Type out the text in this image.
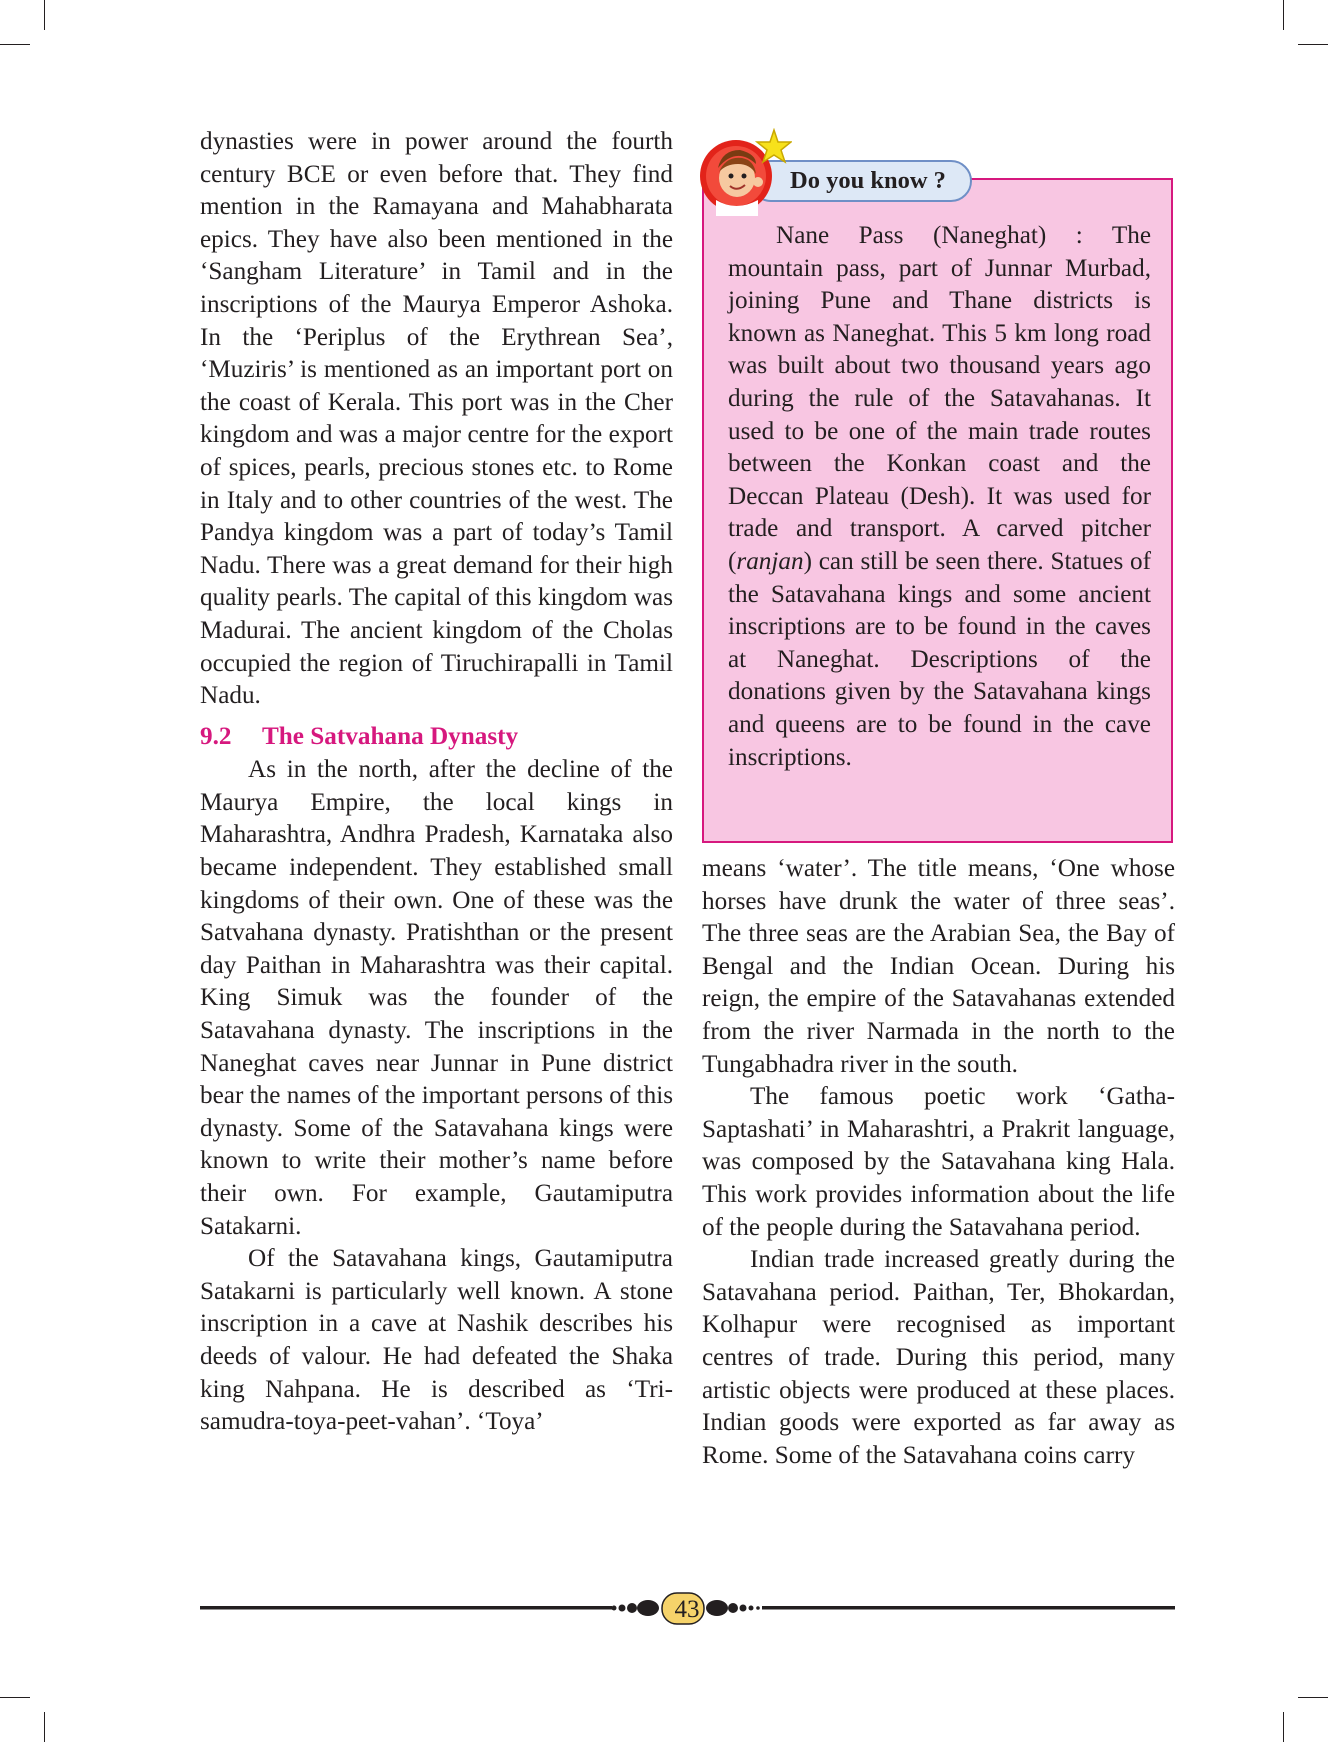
dynasties were in power around the fourth century BCE or even before that. They find mention in the Ramayana and Mahabharata epics. They have also been mentioned in the ‘Sangham Literature’ in Tamil and in the inscriptions of the Maurya Emperor Ashoka. In the ‘Periplus of the Erythrean Sea’, ‘Muziris’ is mentioned as an important port on the coast of Kerala. This port was in the Cher kingdom and was a major centre for the export of spices, pearls, precious stones etc. to Rome in Italy and to other countries of the west. The Pandya kingdom was a part of today’s Tamil Nadu. There was a great demand for their high quality pearls. The capital of this kingdom was Madurai. The ancient kingdom of the Cholas occupied the region of Tiruchirapalli in Tamil Nadu.

9.2 The Satvahana Dynasty

As in the north, after the decline of the Maurya Empire, the local kings in Maharashtra, Andhra Pradesh, Karnataka also became independent. They established small kingdoms of their own. One of these was the Satvahana dynasty. Pratishthan or the present day Paithan in Maharashtra was their capital. King Simuk was the founder of the Satavahana dynasty. The inscriptions in the Naneghat caves near Junnar in Pune district bear the names of the important persons of this dynasty. Some of the Satavahana kings were known to write their mother’s name before their own. For example, Gautamiputra Satakarni.

Of the Satavahana kings, Gautamiputra Satakarni is particularly well known. A stone inscription in a cave at Nashik describes his deeds of valour. He had defeated the Shaka king Nahpana. He is described as ‘Tri-samudra-toya-peet-vahan’. ‘Toya’

Nane Pass (Naneghat) : The mountain pass, part of Junnar Murbad, joining Pune and Thane districts is known as Naneghat. This 5 km long road was built about two thousand years ago during the rule of the Satavahanas. It used to be one of the main trade routes between the Konkan coast and the Deccan Plateau (Desh). It was used for trade and transport. A carved pitcher (ranjan) can still be seen there. Statues of the Satavahana kings and some ancient inscriptions are to be found in the caves at Naneghat. Descriptions of the donations given by the Satavahana kings and queens are to be found in the cave inscriptions.

Do you know ?

means ‘water’. The title means, ‘One whose horses have drunk the water of three seas’. The three seas are the Arabian Sea, the Bay of Bengal and the Indian Ocean. During his reign, the empire of the Satavahanas extended from the river Narmada in the north to the Tungabhadra river in the south.

The famous poetic work ‘Gatha-Saptashati’ in Maharashtri, a Prakrit language, was composed by the Satavahana king Hala. This work provides information about the life of the people during the Satavahana period.

Indian trade increased greatly during the Satavahana period. Paithan, Ter, Bhokardan, Kolhapur were recognised as important centres of trade. During this period, many artistic objects were produced at these places. Indian goods were exported as far away as Rome. Some of the Satavahana coins carry

43
